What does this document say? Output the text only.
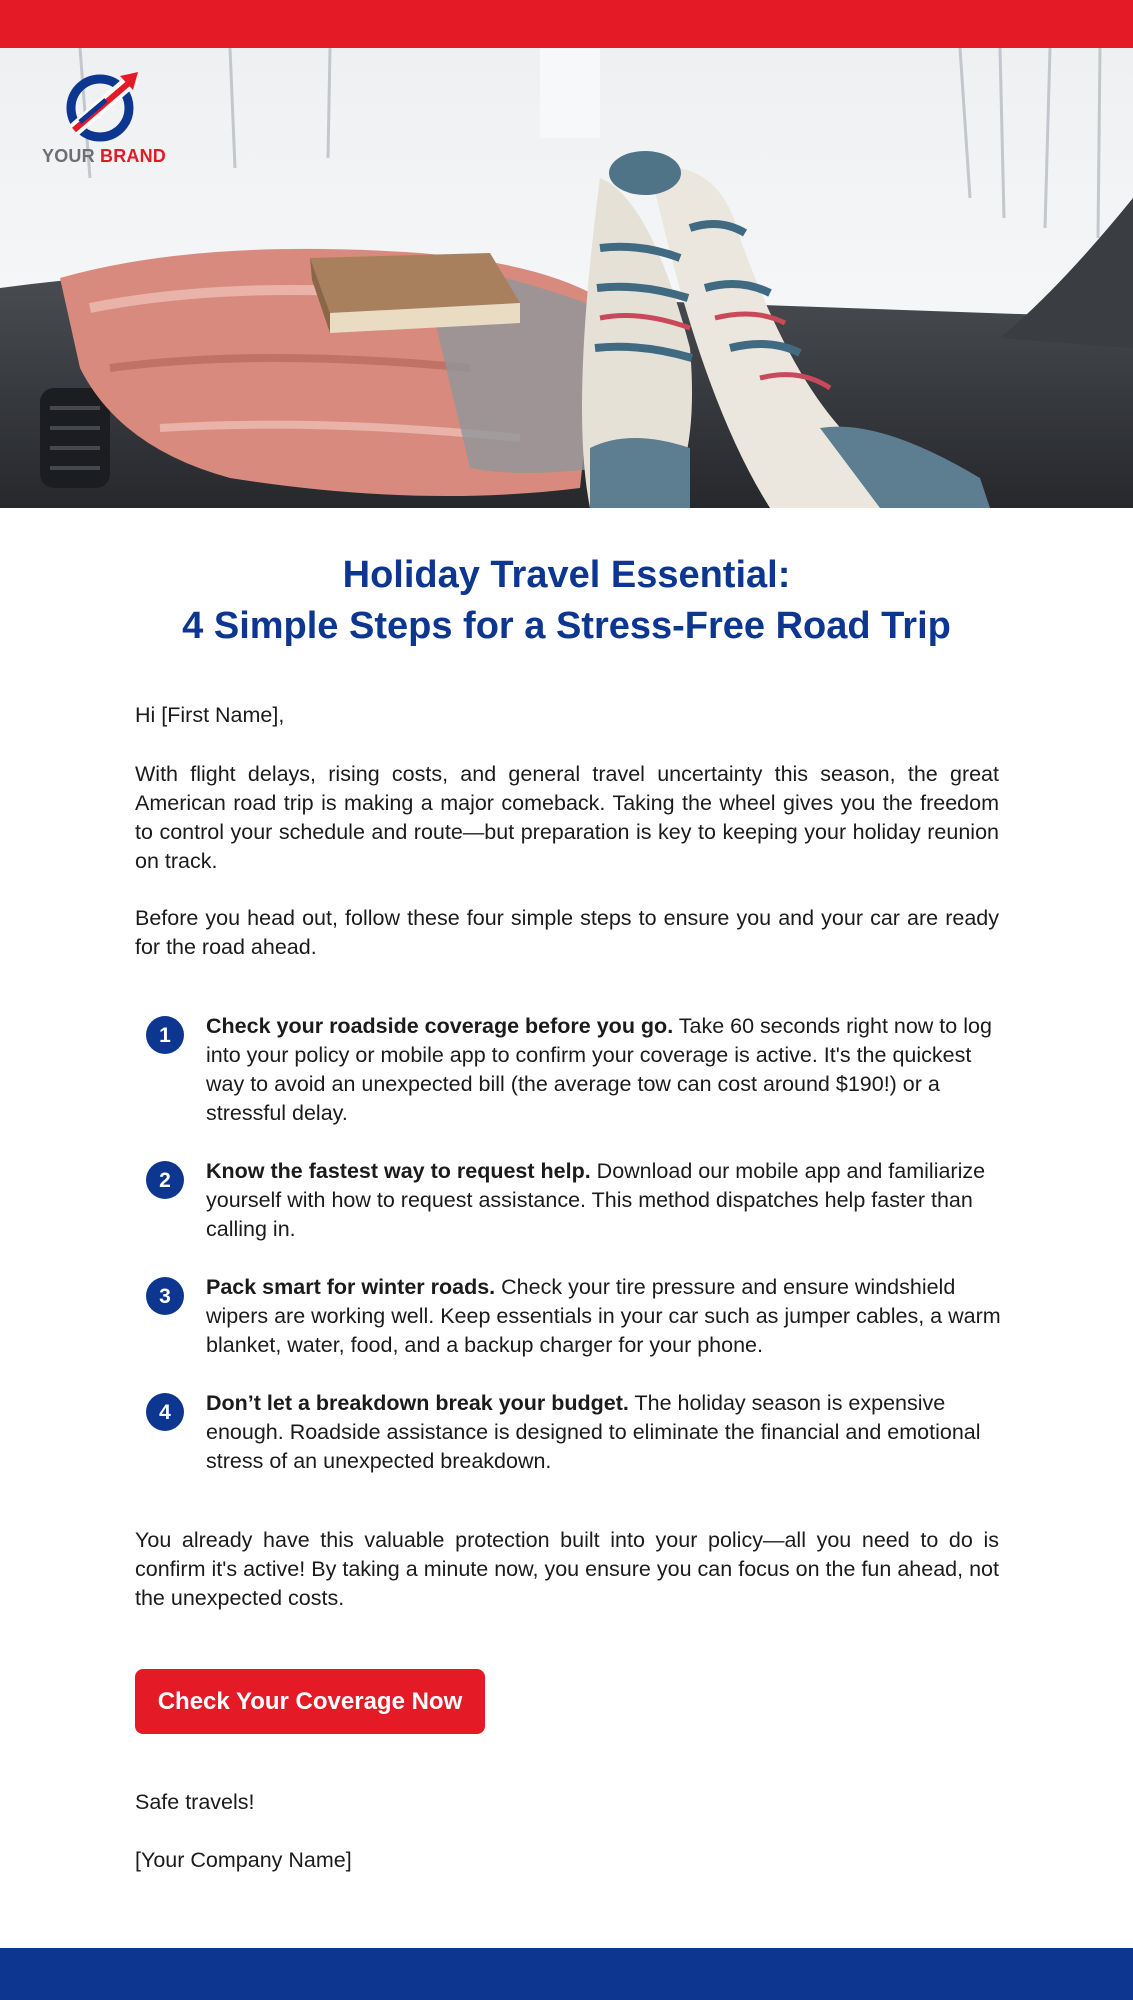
YOUR BRAND
Holiday Travel Essential:
4 Simple Steps for a Stress-Free Road Trip
Hi [First Name],
With flight delays, rising costs, and general travel uncertainty this season, the great American road trip is making a major comeback. Taking the wheel gives you the freedom to control your schedule and route—but preparation is key to keeping your holiday reunion on track.
Before you head out, follow these four simple steps to ensure you and your car are ready for the road ahead.
1	Check your roadside coverage before you go. Take 60 seconds right now to log into your policy or mobile app to confirm your coverage is active. It's the quickest way to avoid an unexpected bill (the average tow can cost around $190!) or a stressful delay.
2	Know the fastest way to request help. Download our mobile app and familiarize yourself with how to request assistance. This method dispatches help faster than calling in.
3	Pack smart for winter roads. Check your tire pressure and ensure windshield wipers are working well. Keep essentials in your car such as jumper cables, a warm blanket, water, food, and a backup charger for your phone.
4	Don’t let a breakdown break your budget. The holiday season is expensive enough. Roadside assistance is designed to eliminate the financial and emotional stress of an unexpected breakdown.
You already have this valuable protection built into your policy—all you need to do is confirm it's active! By taking a minute now, you ensure you can focus on the fun ahead, not the unexpected costs.
Check Your Coverage Now
Safe travels!
[Your Company Name]
